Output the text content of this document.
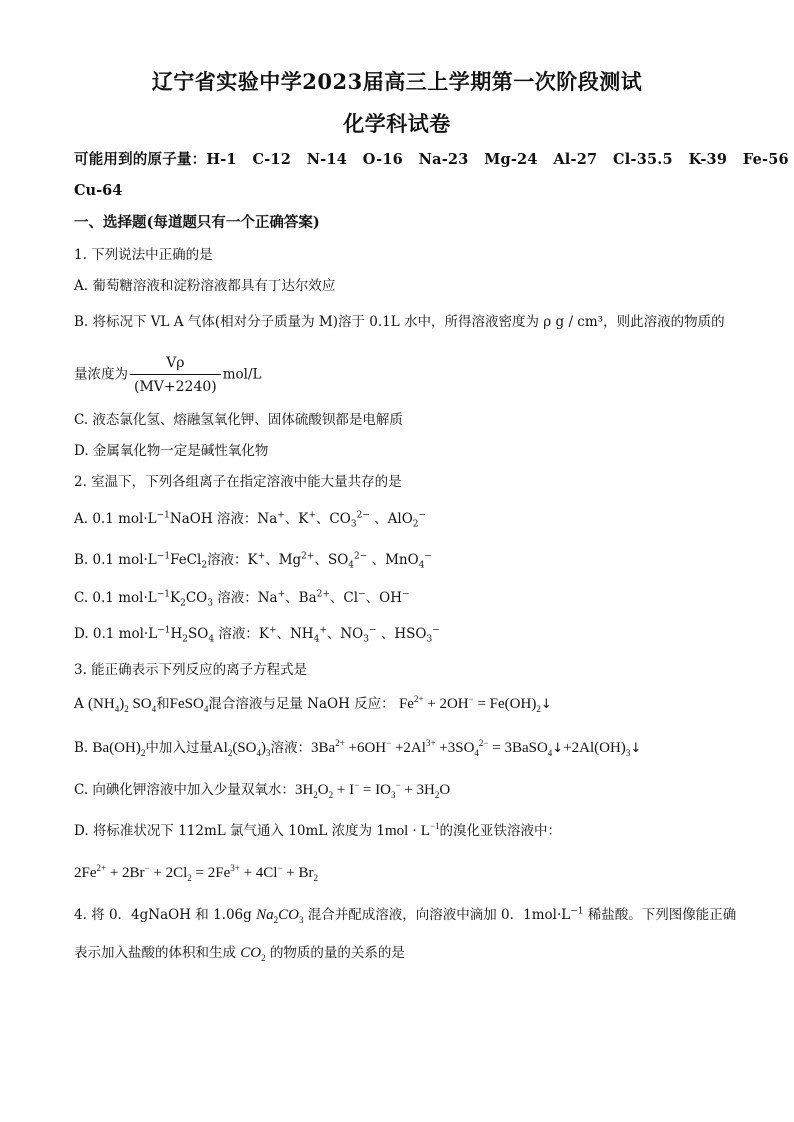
辽宁省实验中学2023届高三上学期第一次阶段测试
化学科试卷
可能用到的原子量：H-1   C-12   N-14   O-16   Na-23   Mg-24   Al-27   Cl-35.5   K-39   Fe-56
Cu-64
一、选择题(每道题只有一个正确答案)
1. 下列说法中正确的是
A. 葡萄糖溶液和淀粉溶液都具有丁达尔效应
B. 将标况下 VL A 气体(相对分子质量为 M)溶于 0.1L 水中，所得溶液密度为 ρ g / cm³，则此溶液的物质的
量浓度为 $\frac{V\rho}{(MV+2240)} mol/L$
C. 液态氯化氢、熔融氢氧化钾、固体硫酸钡都是电解质
D. 金属氧化物一定是碱性氧化物
2. 室温下，下列各组离子在指定溶液中能大量共存的是
A. 0.1 $mol\cdot L^{-1}NaOH$ 溶液：Na+、K+、$CO_3^{2-}$ 、AlO$_2$−
B. 0.1 $mol\cdot L^{-1}FeCl_2$溶液：K+、$Mg^{2+}$、$SO_4^{2-}$ 、MnO$_4$−
C. 0.1 $mol\cdot L^{-1}K_2CO_3$ 溶液：Na+、$Ba^{2+}$、Cl−、OH−
D. 0.1 $mol\cdot L^{-1}H_2SO_4$ 溶液：K+、$NH_4^+$、$NO_3^-$ 、$HSO_3^-$
3. 能正确表示下列反应的离子方程式是
A $(NH_4)_2$ $SO_4$和FeSO$_4$混合溶液与足量 NaOH 反应： $Fe^{2+} + 2OH^-$ = $Fe(OH)_2↓$
B. $Ba(OH)_2$中加入过量$Al_2(SO_4)_3$溶液：$3Ba^{2+} +6OH^- +2Al^{3+} +3SO_4^{2-}$ = $3BaSO_4↓+2Al(OH)_3↓$
C. 向碘化钾溶液中加入少量双氧水：$3H_2O_2 + I^- = IO_3^- + 3H_2O$
D. 将标准状况下 112mL 氯气通入 10mL 浓度为 $1mol \cdot L^{-1}$的溴化亚铁溶液中：
$2Fe^{2+} + 2Br^- + 2Cl_2 = 2Fe^{3+} + 4Cl^- + Br_2$
4. 将 0．4gNaOH 和 1.06g $Na_2CO_3$ 混合并配成溶液，向溶液中滴加 0．$1mol\cdot L^{-1}$ 稀盐酸。下列图像能正确
表示加入盐酸的体积和生成 $CO_2$ 的物质的量的关系的是
